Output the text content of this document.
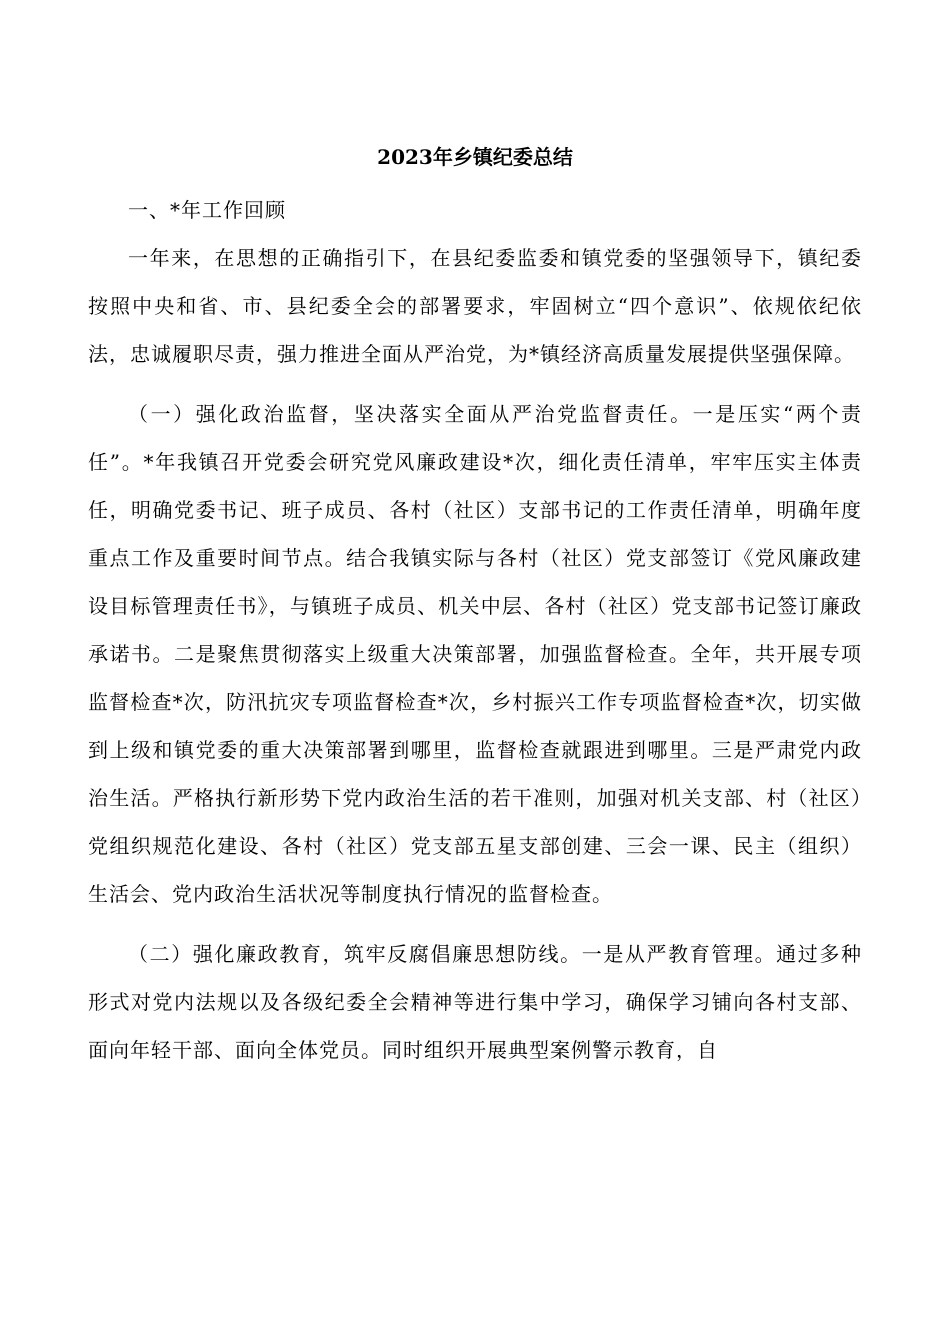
2023年乡镇纪委总结

一、*年工作回顾

一年来，在思想的正确指引下，在县纪委监委和镇党委的坚强领导下，镇纪委按照中央和省、市、县纪委全会的部署要求，牢固树立“四个意识”、依规依纪依法，忠诚履职尽责，强力推进全面从严治党，为*镇经济高质量发展提供坚强保障。

（一）强化政治监督，坚决落实全面从严治党监督责任。一是压实“两个责任”。*年我镇召开党委会研究党风廉政建设*次，细化责任清单，牢牢压实主体责任，明确党委书记、班子成员、各村（社区）支部书记的工作责任清单，明确年度重点工作及重要时间节点。结合我镇实际与各村（社区）党支部签订《党风廉政建设目标管理责任书》，与镇班子成员、机关中层、各村（社区）党支部书记签订廉政承诺书。二是聚焦贯彻落实上级重大决策部署，加强监督检查。全年，共开展专项监督检查*次，防汛抗灾专项监督检查*次，乡村振兴工作专项监督检查*次，切实做到上级和镇党委的重大决策部署到哪里，监督检查就跟进到哪里。三是严肃党内政治生活。严格执行新形势下党内政治生活的若干准则，加强对机关支部、村（社区）党组织规范化建设、各村（社区）党支部五星支部创建、三会一课、民主（组织）生活会、党内政治生活状况等制度执行情况的监督检查。

（二）强化廉政教育，筑牢反腐倡廉思想防线。一是从严教育管理。通过多种形式对党内法规以及各级纪委全会精神等进行集中学习，确保学习铺向各村支部、面向年轻干部、面向全体党员。同时组织开展典型案例警示教育，自
